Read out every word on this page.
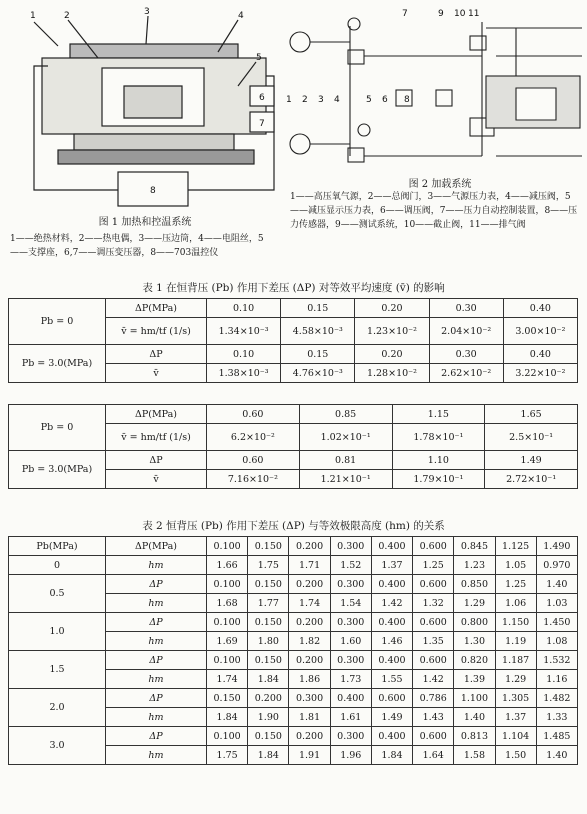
1	2	3	4
5
6
7
8
图 1 加热和控温系统
1——绝热材料，2——热电偶，3——压边筒，4——电阻丝，5——支撑座，6,7——调压变压器，8——703温控仪
7	9 10 11
1 2 3 4	5 6 8
图 2 加载系统
1——高压氧气源，2——总阀门，3——气源压力表，4——减压阀，5——减压显示压力表，6——调压阀，7——压力自动控制装置，8——压力传感器，9——测试系统，10——截止阀，11——排气阀
表 1 在恒背压 (Pb) 作用下差压 (ΔP) 对等效平均速度 (v̄) 的影响
Pb = 0	ΔP(MPa)	0.10	0.15	0.20	0.30	0.40
	v̄ = hm/tf (1/s)	1.34×10⁻³	4.58×10⁻³	1.23×10⁻²	2.04×10⁻²	3.00×10⁻²
Pb = 3.0(MPa)	ΔP	0.10	0.15	0.20	0.30	0.40
	v̄	1.38×10⁻³	4.76×10⁻³	1.28×10⁻²	2.62×10⁻²	3.22×10⁻²
Pb = 0	ΔP(MPa)	0.60	0.85	1.15	1.65
	v̄ = hm/tf (1/s)	6.2×10⁻²	1.02×10⁻¹	1.78×10⁻¹	2.5×10⁻¹
Pb = 3.0(MPa)	ΔP	0.60	0.81	1.10	1.49
	v̄	7.16×10⁻²	1.21×10⁻¹	1.79×10⁻¹	2.72×10⁻¹
表 2 恒背压 (Pb) 作用下差压 (ΔP) 与等效极限高度 (hm) 的关系
Pb(MPa)	ΔP(MPa)	0.100	0.150	0.200	0.300	0.400	0.600	0.845	1.125	1.490
0	hm	1.66	1.75	1.71	1.52	1.37	1.25	1.23	1.05	0.970
0.5	ΔP	0.100	0.150	0.200	0.300	0.400	0.600	0.850	1.25	1.40
	hm	1.68	1.77	1.74	1.54	1.42	1.32	1.29	1.06	1.03
1.0	ΔP	0.100	0.150	0.200	0.300	0.400	0.600	0.800	1.150	1.450
	hm	1.69	1.80	1.82	1.60	1.46	1.35	1.30	1.19	1.08
1.5	ΔP	0.100	0.150	0.200	0.300	0.400	0.600	0.820	1.187	1.532
	hm	1.74	1.84	1.86	1.73	1.55	1.42	1.39	1.29	1.16
2.0	ΔP	0.150	0.200	0.300	0.400	0.600	0.786	1.100	1.305	1.482
	hm	1.84	1.90	1.81	1.61	1.49	1.43	1.40	1.37	1.33
3.0	ΔP	0.100	0.150	0.200	0.300	0.400	0.600	0.813	1.104	1.485
	hm	1.75	1.84	1.91	1.96	1.84	1.64	1.58	1.50	1.40
